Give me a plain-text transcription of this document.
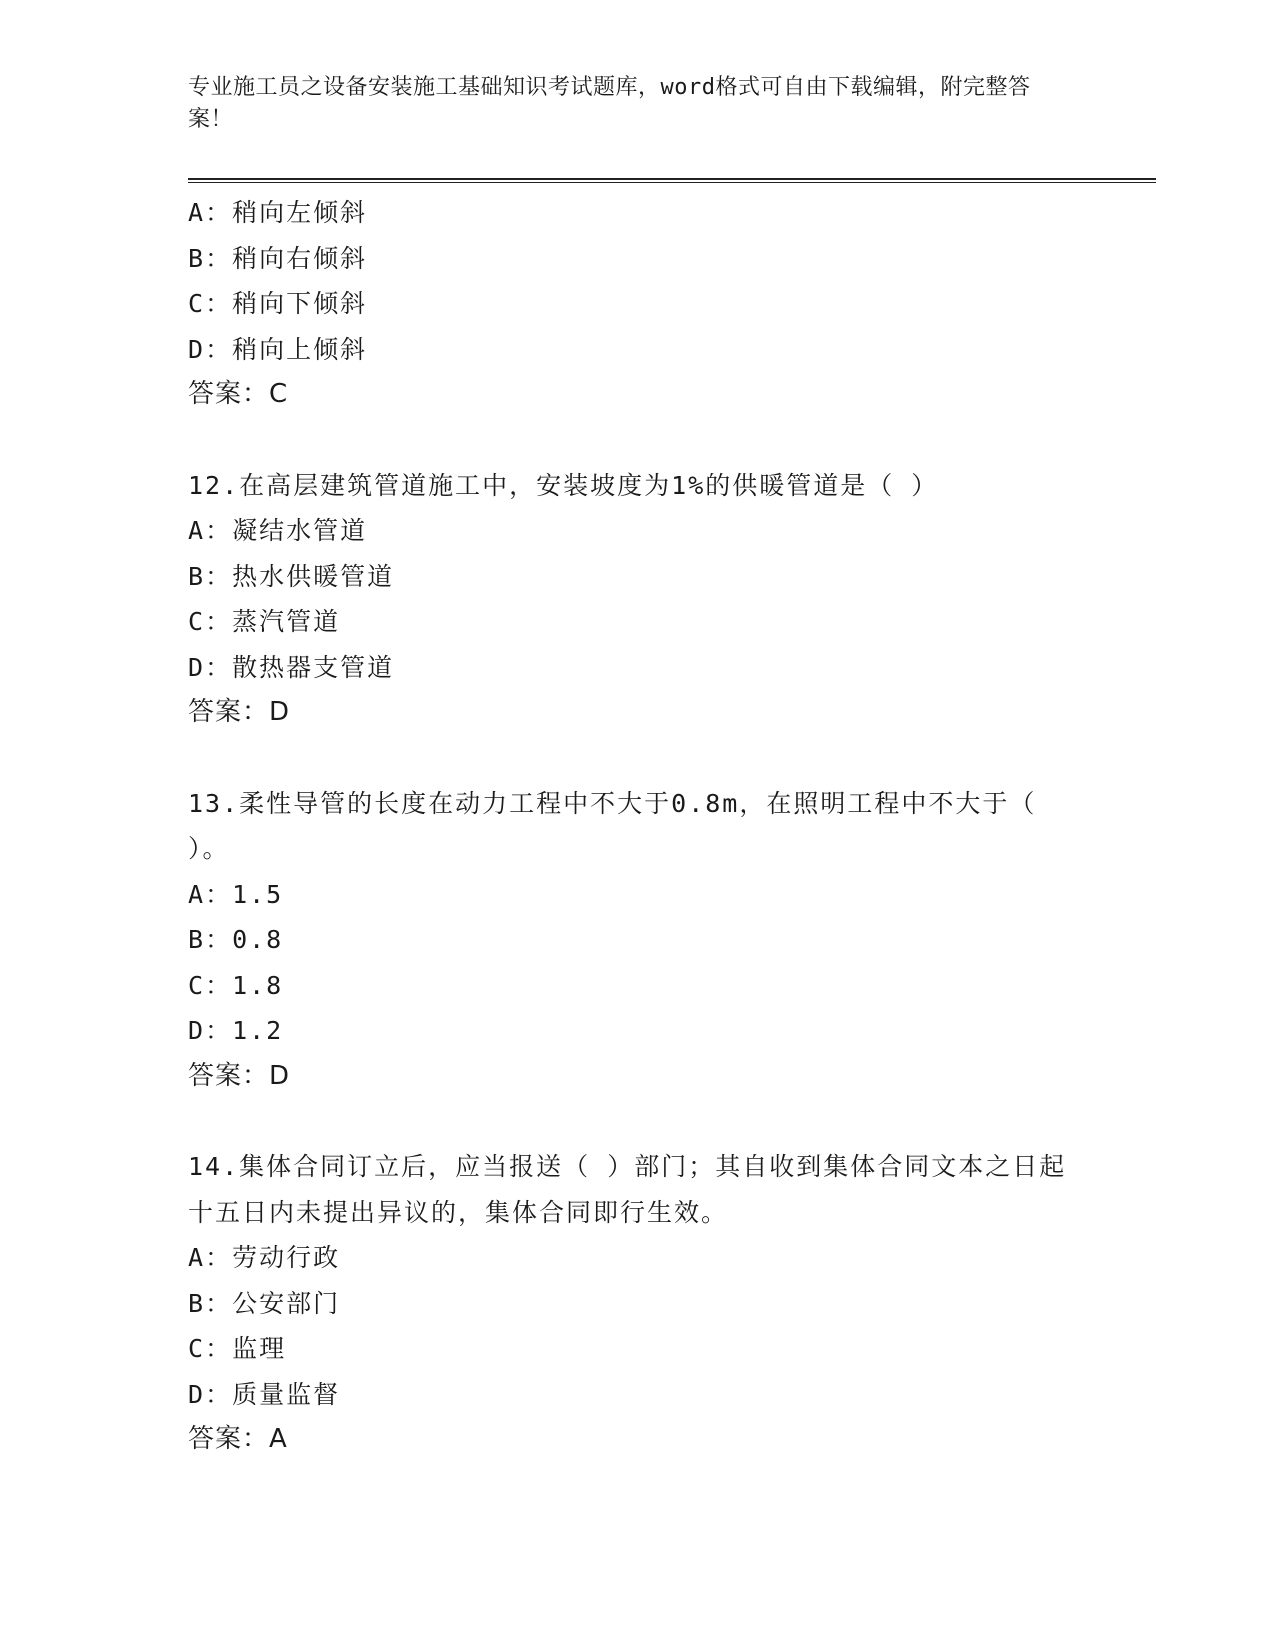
专业施工员之设备安装施工基础知识考试题库，word格式可自由下载编辑，附完整答案！
A：稍向左倾斜
B：稍向右倾斜
C：稍向下倾斜
D：稍向上倾斜
答案：C
12.在高层建筑管道施工中，安装坡度为1%的供暖管道是（ ）
A：凝结水管道
B：热水供暖管道
C：蒸汽管道
D：散热器支管道
答案：D
13.柔性导管的长度在动力工程中不大于0.8m，在照明工程中不大于（ ）。
A：1.5
B：0.8
C：1.8
D：1.2
答案：D
14.集体合同订立后，应当报送（ ）部门；其自收到集体合同文本之日起十五日内未提出异议的，集体合同即行生效。
A：劳动行政
B：公安部门
C：监理
D：质量监督
答案：A
